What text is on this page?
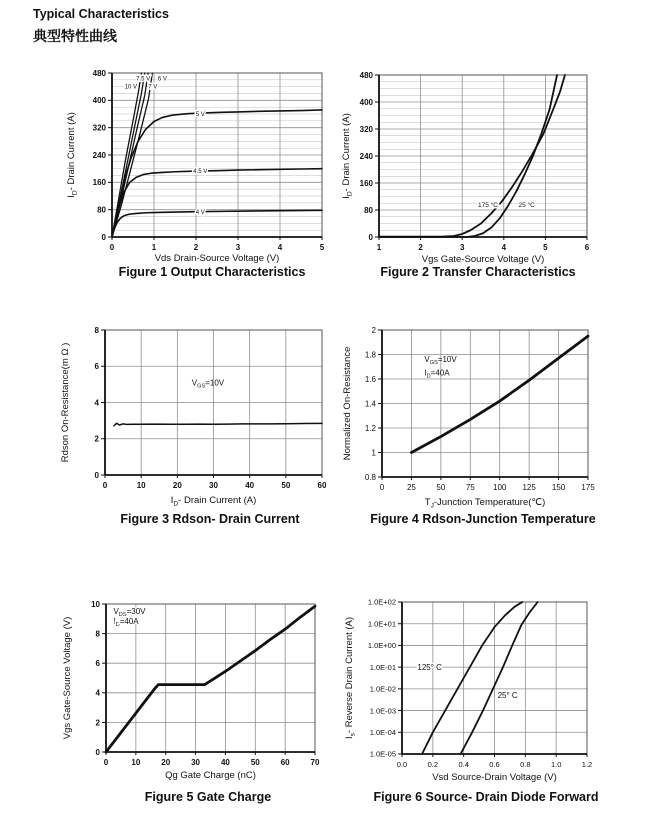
Typical Characteristics
典型特性曲线
0	1	2	3	4	5
0
80
160
240
320
400
480
Vds Drain-Source Voltage (V)
$I_D-$ Drain Current (A)
10 V
7.5 V
7 V
6 V
5 V
4.5 V
4 V
1	2	3	4	5	6
0
80
160
240
320
400
480
Vgs Gate-Source Voltage (V)
$I_D-$ Drain Current (A)
175 °C	25 °C
0	10	20	30	40	50	60
0
2
4
6
8
$I_D-$ Drain Current (A)
Rdson On-Resistance(m Ω )	$V_{GS}=10V$
0	25	50	75 100 125 150 175
0.8
1
1.2
1.4
1.6
1.8
2
$T_J$-Junction Temperature(℃)
Normalized On-Resistance	$V_{GS}=10V$
$I_D=40A$
0	10	20	30	40	50	60	70
0
2
4
6
8
10
Qg Gate Charge (nC)
Vgs Gate-Source Voltage (V)
$V_{DS}=30V$
$I_D=40A$
0.0	0.2	0.4	0.6	0.8	1.0	1.2
1.0E-05
1.0E-04
1.0E-03
1.0E-02
1.0E-01
1.0E+00
1.0E+01
1.0E+02
Vsd Source-Drain Voltage (V)
$I_s-$ Reverse Drain Current (A)	125° C
25° C
Figure 1 Output Characteristics	Figure 2 Transfer Characteristics
Figure 3 Rdson- Drain Current	Figure 4 Rdson-Junction Temperature
Figure 5 Gate Charge	Figure 6 Source- Drain Diode Forward
